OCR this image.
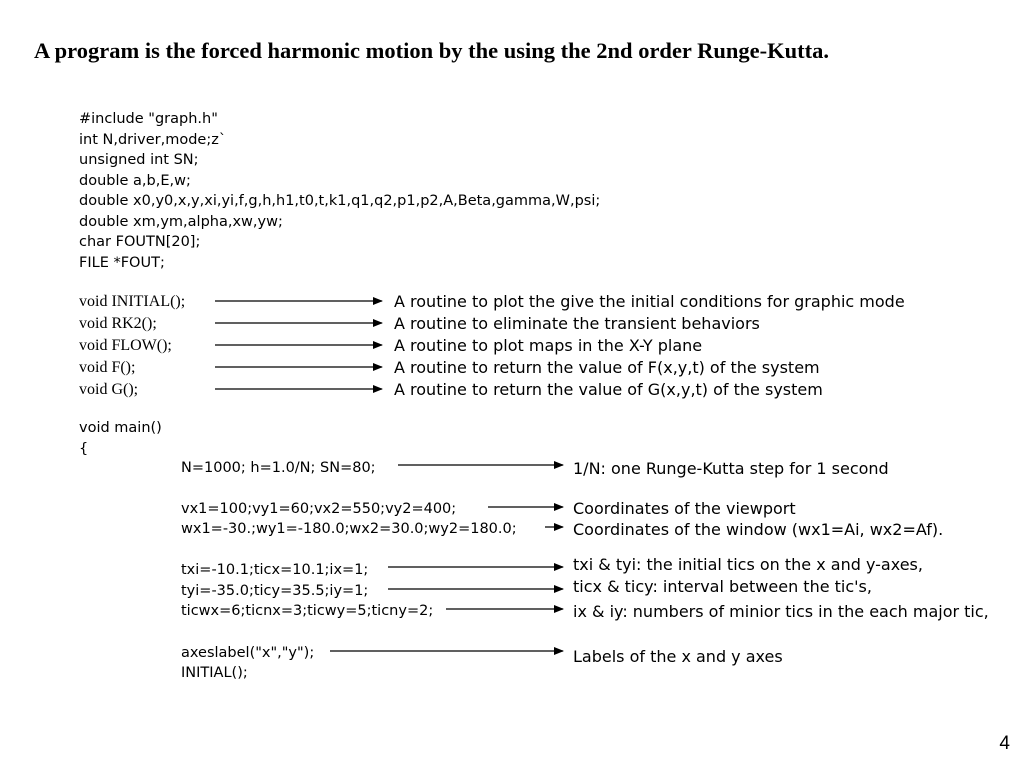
A program is the forced harmonic motion by the using the 2nd order Runge-Kutta.
#include "graph.h"
int N,driver,mode;z`
unsigned int SN;
double a,b,E,w;
double x0,y0,x,y,xi,yi,f,g,h,h1,t0,t,k1,q1,q2,p1,p2,A,Beta,gamma,W,psi;
double xm,ym,alpha,xw,yw;
char FOUTN[20];
FILE *FOUT;
void INITIAL();
void RK2();
void FLOW();
void F();
void G();
A routine to plot the give the initial conditions for graphic mode
A routine to eliminate the transient behaviors
A routine to plot maps in the X-Y plane
A routine to return the value of F(x,y,t) of the system
A routine to return the value of G(x,y,t) of the system
void main()
{
N=1000; h=1.0/N; SN=80;
vx1=100;vy1=60;vx2=550;vy2=400;
wx1=-30.;wy1=-180.0;wx2=30.0;wy2=180.0;
txi=-10.1;ticx=10.1;ix=1;
tyi=-35.0;ticy=35.5;iy=1;
ticwx=6;ticnx=3;ticwy=5;ticny=2;
axeslabel("x","y");
INITIAL();
1/N: one Runge-Kutta step for 1 second
Coordinates of the viewport
Coordinates of the window (wx1=Ai, wx2=Af).
txi & tyi: the initial tics on the x and y-axes,
ticx & ticy: interval between the tic's,
ix & iy: numbers of minior tics in the each major tic,
Labels of the x and y axes
4
